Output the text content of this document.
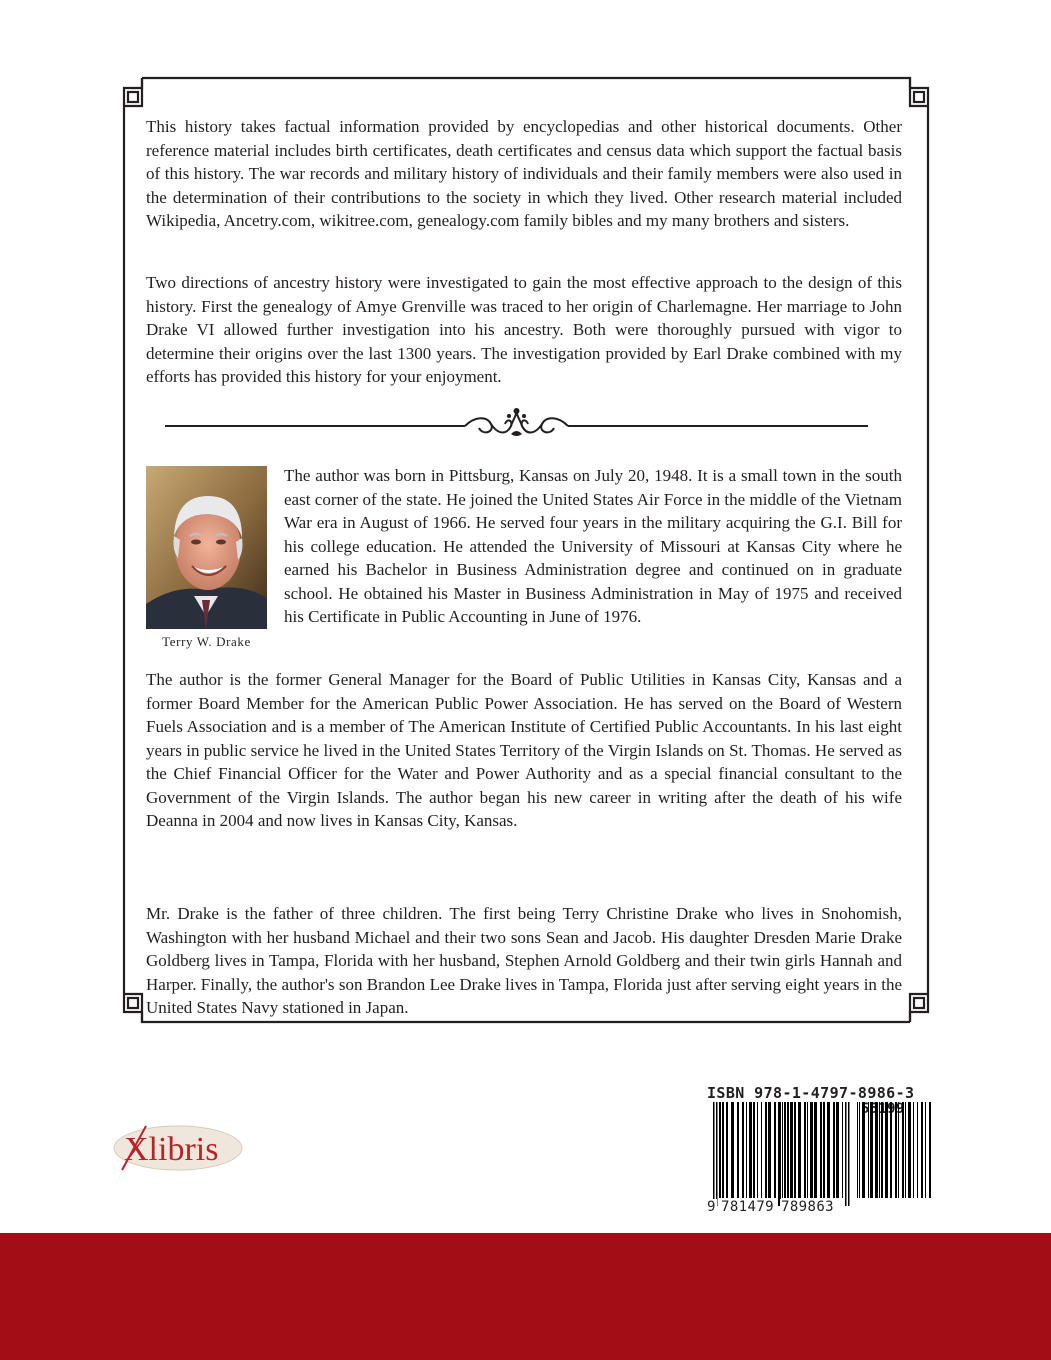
This history takes factual information provided by encyclopedias and other historical documents. Other reference material includes birth certificates, death certificates and census data which support the factual basis of this history. The war records and military history of individuals and their family members were also used in the determination of their contributions to the society in which they lived. Other research material included Wikipedia, Ancetry.com, wikitree.com, genealogy.com family bibles and my many brothers and sisters.

Two directions of ancestry history were investigated to gain the most effective approach to the design of this history. First the genealogy of Amye Grenville was traced to her origin of Charlemagne. Her marriage to John Drake VI allowed further investigation into his ancestry. Both were thoroughly pursued with vigor to determine their origins over the last 1300 years. The investigation provided by Earl Drake combined with my efforts has provided this history for your enjoyment.

Terry W. Drake

The author was born in Pittsburg, Kansas on July 20, 1948. It is a small town in the south east corner of the state. He joined the United States Air Force in the middle of the Vietnam War era in August of 1966. He served four years in the military acquiring the G.I. Bill for his college education. He attended the University of Missouri at Kansas City where he earned his Bachelor in Business Administration degree and continued on in graduate school. He obtained his Master in Business Administration in May of 1975 and received his Certificate in Public Accounting in June of 1976.

The author is the former General Manager for the Board of Public Utilities in Kansas City, Kansas and a former Board Member for the American Public Power Association. He has served on the Board of Western Fuels Association and is a member of The American Institute of Certified Public Accountants. In his last eight years in public service he lived in the United States Territory of the Virgin Islands on St. Thomas. He served as the Chief Financial Officer for the Water and Power Authority and as a special financial consultant to the Government of the Virgin Islands. The author began his new career in writing after the death of his wife Deanna in 2004 and now lives in Kansas City, Kansas.

Mr. Drake is the father of three children. The first being Terry Christine Drake who lives in Snohomish, Washington with her husband Michael and their two sons Sean and Jacob. His daughter Dresden Marie Drake Goldberg lives in Tampa, Florida with her husband, Stephen Arnold Goldberg and their twin girls Hannah and Harper. Finally, the author's son Brandon Lee Drake lives in Tampa, Florida just after serving eight years in the United States Navy stationed in Japan.

Xlibris
ISBN 978-1-4797-8986-3
9 781479 789863
